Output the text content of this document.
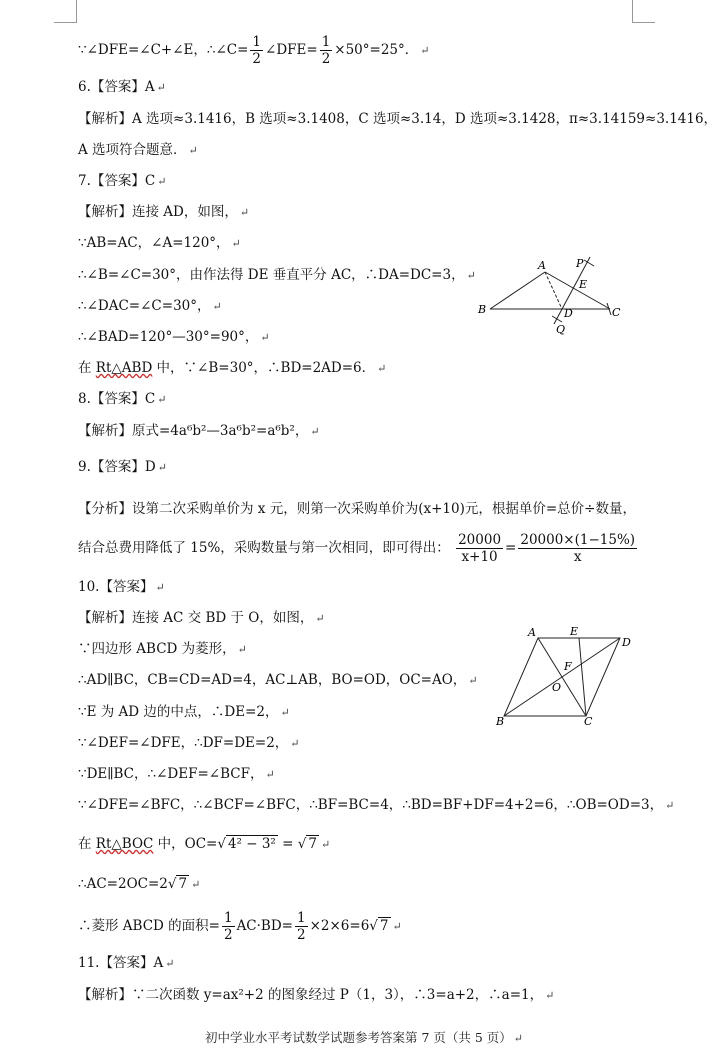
∵∠DFE=∠C+∠E，∴∠C= $\frac{1}{2}$ ∠DFE= $\frac{1}{2} \times 50^\circ=25^\circ$． ↵
6.【答案】A ↵
【解析】A 选项≈3.1416，B 选项≈3.1408，C 选项≈3.14，D 选项≈3.1428，π≈3.14159≈3.1416，
A 选项符合题意． ↵
7.【答案】C ↵
【解析】连接 AD，如图， ↵
∵AB=AC，∠A=120°， ↵
∴∠B=∠C=30°，由作法得 DE 垂直平分 AC，∴DA=DC=3， ↵
∴∠DAC=∠C=30°， ↵
∴∠BAD=120°—30°=90°， ↵
在 Rt△ABD 中，∵∠B=30°，∴BD=2AD=6． ↵
A
B	C
D
E
P
Q
8.【答案】C ↵
【解析】原式=4a⁶b²—3a⁶b²=a⁶b²， ↵
9.【答案】D ↵
【分析】设第二次采购单价为 x 元，则第一次采购单价为(x+10)元，根据单价=总价÷数量，
结合总费用降低了 15%，采购数量与第一次相同，即可得出： $\frac{20000}{x+10} = \frac{20000\times(1-15\%)}{x}$
10.【答案】 ↵
【解析】连接 AC 交 BD 于 O，如图， ↵
∵四边形 ABCD 为菱形， ↵
∴AD∥BC，CB=CD=AD=4，AC⊥AB，BO=OD，OC=AO， ↵
∵E 为 AD 边的中点，∴DE=2， ↵
∵∠DEF=∠DFE，∴DF=DE=2， ↵
∵DE∥BC，∴∠DEF=∠BCF， ↵
∵∠DFE=∠BFC，∴∠BCF=∠BFC，∴BF=BC=4，∴BD=BF+DF=4+2=6，∴OB=OD=3， ↵
在 Rt△BOC 中，OC=√ 4² − 3² = √ 7 ↵
∴AC=2OC=2√ 7 ↵
∴菱形 ABCD 的面积= $\frac{1}{2} AC\cdot BD= \frac{1}{2} \times 2\times 6=6√$ 7 ↵
A	E
D
F
O
B	C
11.【答案】A ↵
【解析】∵二次函数 y=ax²+2 的图象经过 P（1，3），∴3=a+2，∴a=1， ↵
初中学业水平考试数学试题参考答案第 7 页（共 5 页） ↵
